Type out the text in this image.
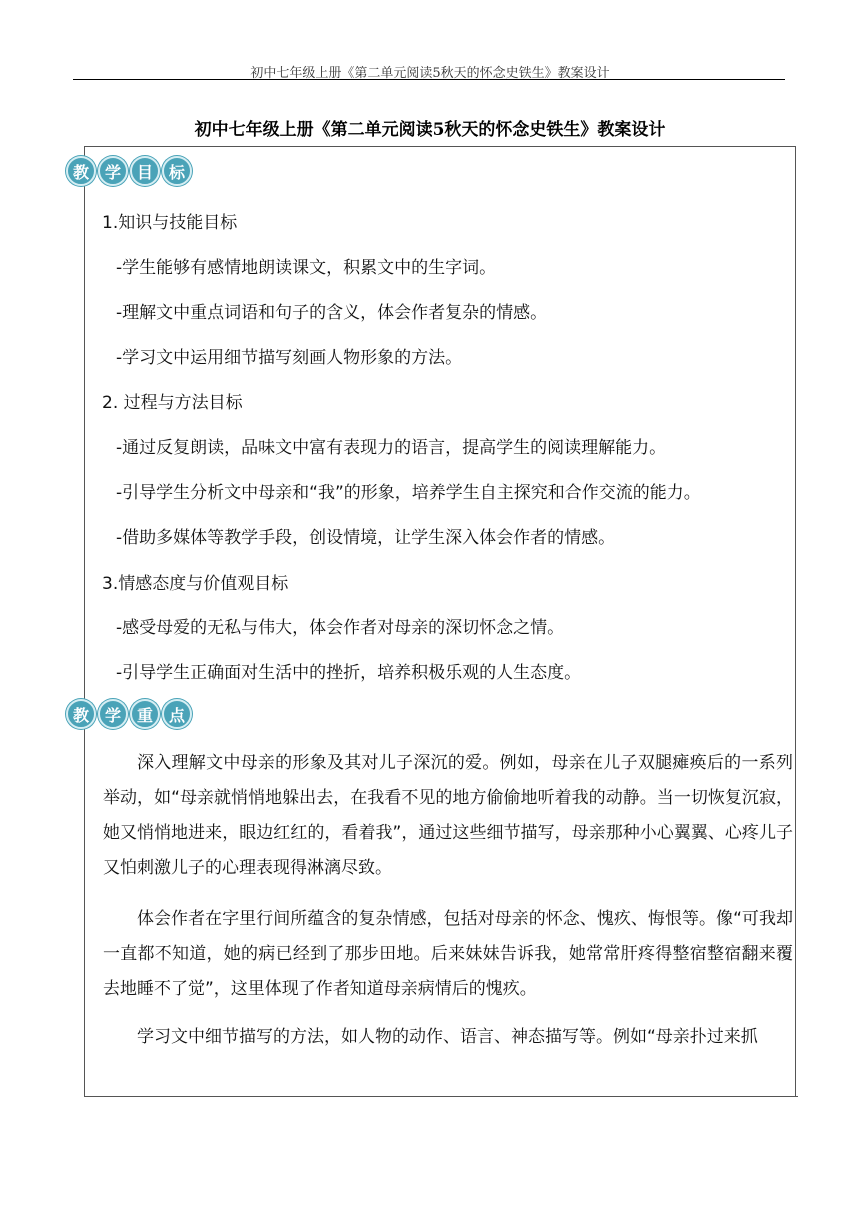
初中七年级上册《第二单元阅读5秋天的怀念史铁生》教案设计
初中七年级上册《第二单元阅读5秋天的怀念史铁生》教案设计
教 学 目 标
1.知识与技能目标
-学生能够有感情地朗读课文，积累文中的生字词。
-理解文中重点词语和句子的含义，体会作者复杂的情感。
-学习文中运用细节描写刻画人物形象的方法。
2. 过程与方法目标
-通过反复朗读，品味文中富有表现力的语言，提高学生的阅读理解能力。
-引导学生分析文中母亲和“我”的形象，培养学生自主探究和合作交流的能力。
-借助多媒体等教学手段，创设情境，让学生深入体会作者的情感。
3.情感态度与价值观目标
-感受母爱的无私与伟大，体会作者对母亲的深切怀念之情。
-引导学生正确面对生活中的挫折，培养积极乐观的人生态度。
教 学 重 点
深入理解文中母亲的形象及其对儿子深沉的爱。例如，母亲在儿子双腿瘫痪后的一系列举动，如“母亲就悄悄地躲出去，在我看不见的地方偷偷地听着我的动静。当一切恢复沉寂，她又悄悄地进来，眼边红红的，看着我”，通过这些细节描写，母亲那种小心翼翼、心疼儿子又怕刺激儿子的心理表现得淋漓尽致。
体会作者在字里行间所蕴含的复杂情感，包括对母亲的怀念、愧疚、悔恨等。像“可我却一直都不知道，她的病已经到了那步田地。后来妹妹告诉我，她常常肝疼得整宿整宿翻来覆去地睡不了觉”，这里体现了作者知道母亲病情后的愧疚。
学习文中细节描写的方法，如人物的动作、语言、神态描写等。例如“母亲扑过来抓
